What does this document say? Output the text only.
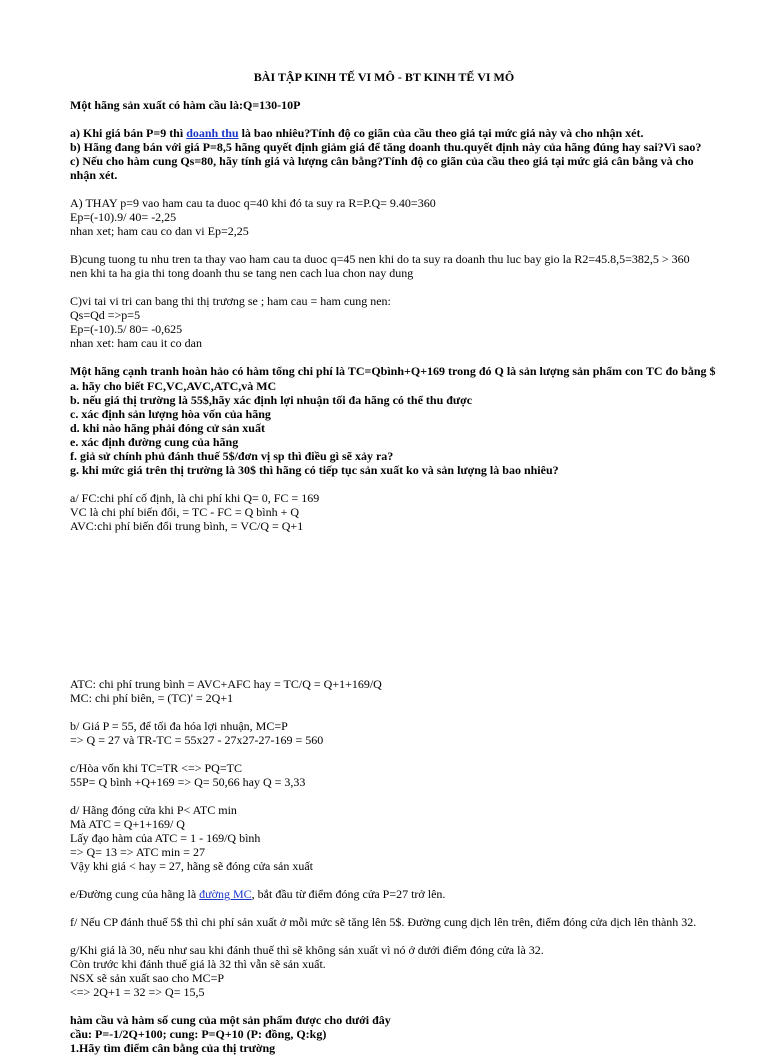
BÀI TẬP KINH TẾ VI MÔ - BT KINH TẾ VI MÔ
Một hãng sản xuất có hàm cầu là:Q=130-10P
a) Khi giá bán P=9 thì doanh thu là bao nhiêu?Tính độ co giãn của cầu theo giá tại mức giá này và cho nhận xét.
b) Hãng đang bán với giá P=8,5 hãng quyết định giảm giá để tăng doanh thu.quyết định này của hãng đúng hay sai?Vì sao?
c) Nếu cho hàm cung Qs=80, hãy tính giá và lượng cân bằng?Tính độ co giãn của cầu theo giá tại mức giá cân bằng và cho nhận xét.
A) THAY p=9 vao ham cau ta duoc q=40 khi đó ta suy ra R=P.Q= 9.40=360
Ep=(-10).9/ 40= -2,25
nhan xet; ham cau co dan vi Ep=2,25
B)cung tuong tu nhu tren ta thay vao ham cau ta duoc q=45 nen khi do ta suy ra doanh thu luc bay gio la R2=45.8,5=382,5 > 360 nen khi ta ha gia thi tong doanh thu se tang nen cach lua chon nay dung
C)vi tai vi tri can bang thi thị trương se ; ham cau = ham cung nen:
Qs=Qd =>p=5
Ep=(-10).5/ 80= -0,625
nhan xet: ham cau it co dan
Một hãng cạnh tranh hoàn hảo có hàm tổng chi phí là TC=Qbình+Q+169 trong đó Q là sản lượng sản phẩm con TC đo bằng $
a. hãy cho biết FC,VC,AVC,ATC,và MC
b. nếu giá thị trường là 55$,hãy xác định lợi nhuận tối đa hãng có thể thu được
c. xác định sản lượng hòa vốn của hãng
d. khi nào hãng phải đóng cử sản xuất
e. xác định đường cung của hãng
f. giả sử chính phủ đánh thuế 5$/đơn vị sp thì điều gì sẽ xảy ra?
g. khi mức giá trên thị trường là 30$ thì hãng có tiếp tục sản xuất ko và sản lượng là bao nhiêu?
a/ FC:chi phí cố định, là chi phí khi Q= 0, FC = 169
VC là chi phí biến đổi, = TC - FC = Q bình + Q
AVC:chi phí biến đổi trung bình, = VC/Q = Q+1
ATC: chi phí trung bình = AVC+AFC hay = TC/Q = Q+1+169/Q
MC: chi phí biên, = (TC)' = 2Q+1
b/ Giá P = 55, để tối đa hóa lợi nhuận, MC=P
=> Q = 27 và TR-TC = 55x27 - 27x27-27-169 = 560
c/Hòa vốn khi TC=TR <=> PQ=TC
55P= Q bình +Q+169 => Q= 50,66 hay Q = 3,33
d/ Hãng đóng cửa khi P< ATC min
Mà ATC = Q+1+169/ Q
Lấy đạo hàm của ATC = 1 - 169/Q bình
=> Q= 13 => ATC min = 27
Vậy khi giá < hay = 27, hãng sẽ đóng cửa sản xuất
e/Đường cung của hãng là đường MC, bắt đầu từ điểm đóng cửa P=27 trở lên.
f/ Nếu CP đánh thuế 5$ thì chi phí sản xuất ở mỗi mức sẽ tăng lên 5$. Đường cung dịch lên trên, điểm đóng cửa dịch lên thành 32.
g/Khi giá là 30, nếu như sau khi đánh thuế thì sẽ không sản xuất vì nó ở dưới điểm đóng cửa là 32.
Còn trước khi đánh thuế giá là 32 thì vẫn sẽ sản xuất.
NSX sẽ sản xuất sao cho MC=P
<=> 2Q+1 = 32 => Q= 15,5
hàm cầu và hàm số cung của một sản phẩm được cho dưới đây
cầu: P=-1/2Q+100; cung: P=Q+10 (P: đồng, Q:kg)
1.Hãy tìm điểm cân bằng của thị trường
